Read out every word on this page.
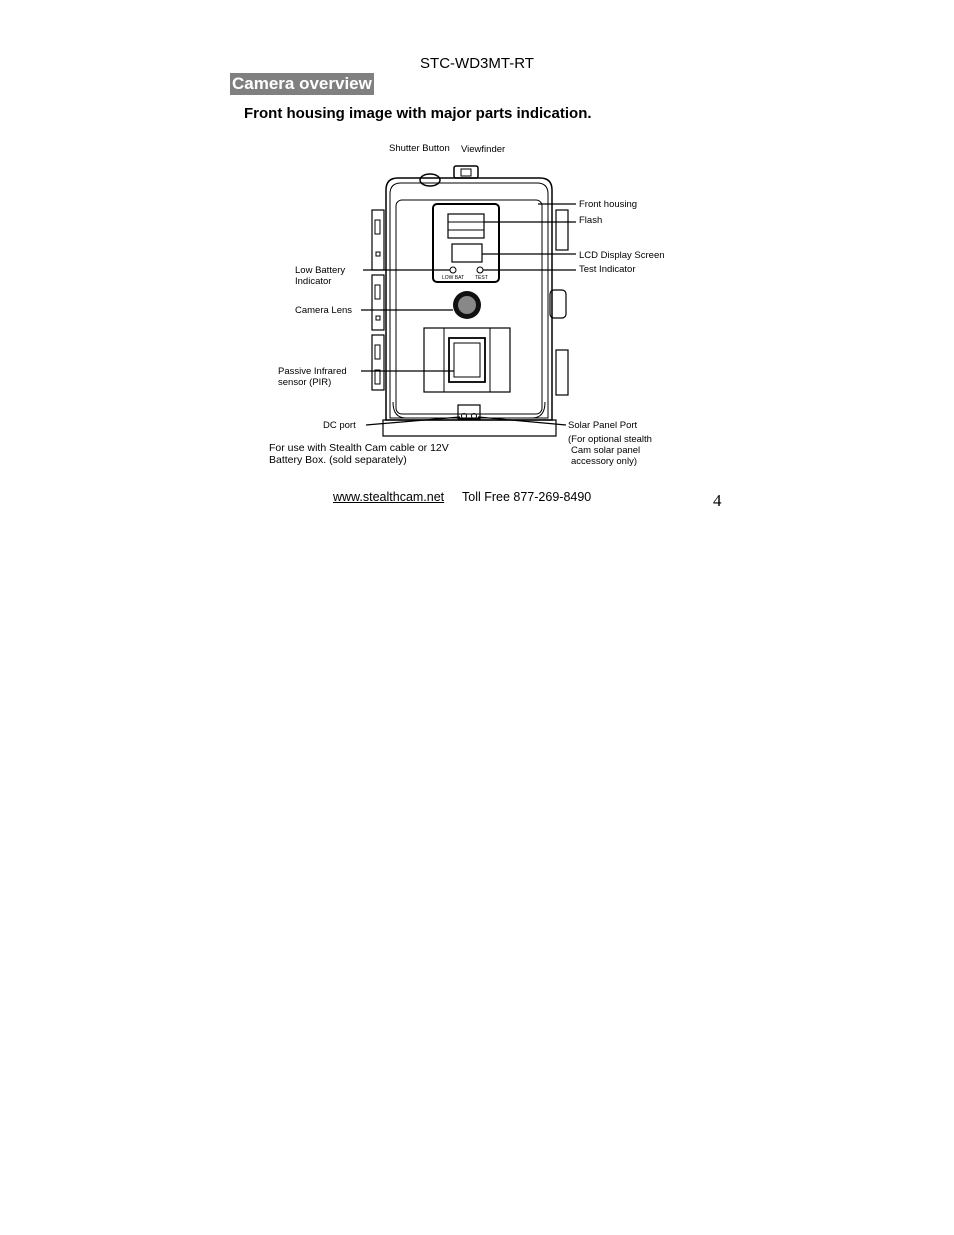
STC-WD3MT-RT
Camera overview
Front housing image with major parts indication.
Shutter Button Viewfinder
Front housing
Flash
LCD Display Screen
Test Indicator
Low Battery
Indicator
Camera Lens
Passive Infrared
sensor (PIR)
DC port	Solar Panel Port
(For optional stealth
Cam solar panel
accessory only)
LOW BAT TEST
For use with Stealth Cam cable or 12V
Battery Box. (sold separately)
www.stealthcam.net Toll Free 877-269-8490	4
